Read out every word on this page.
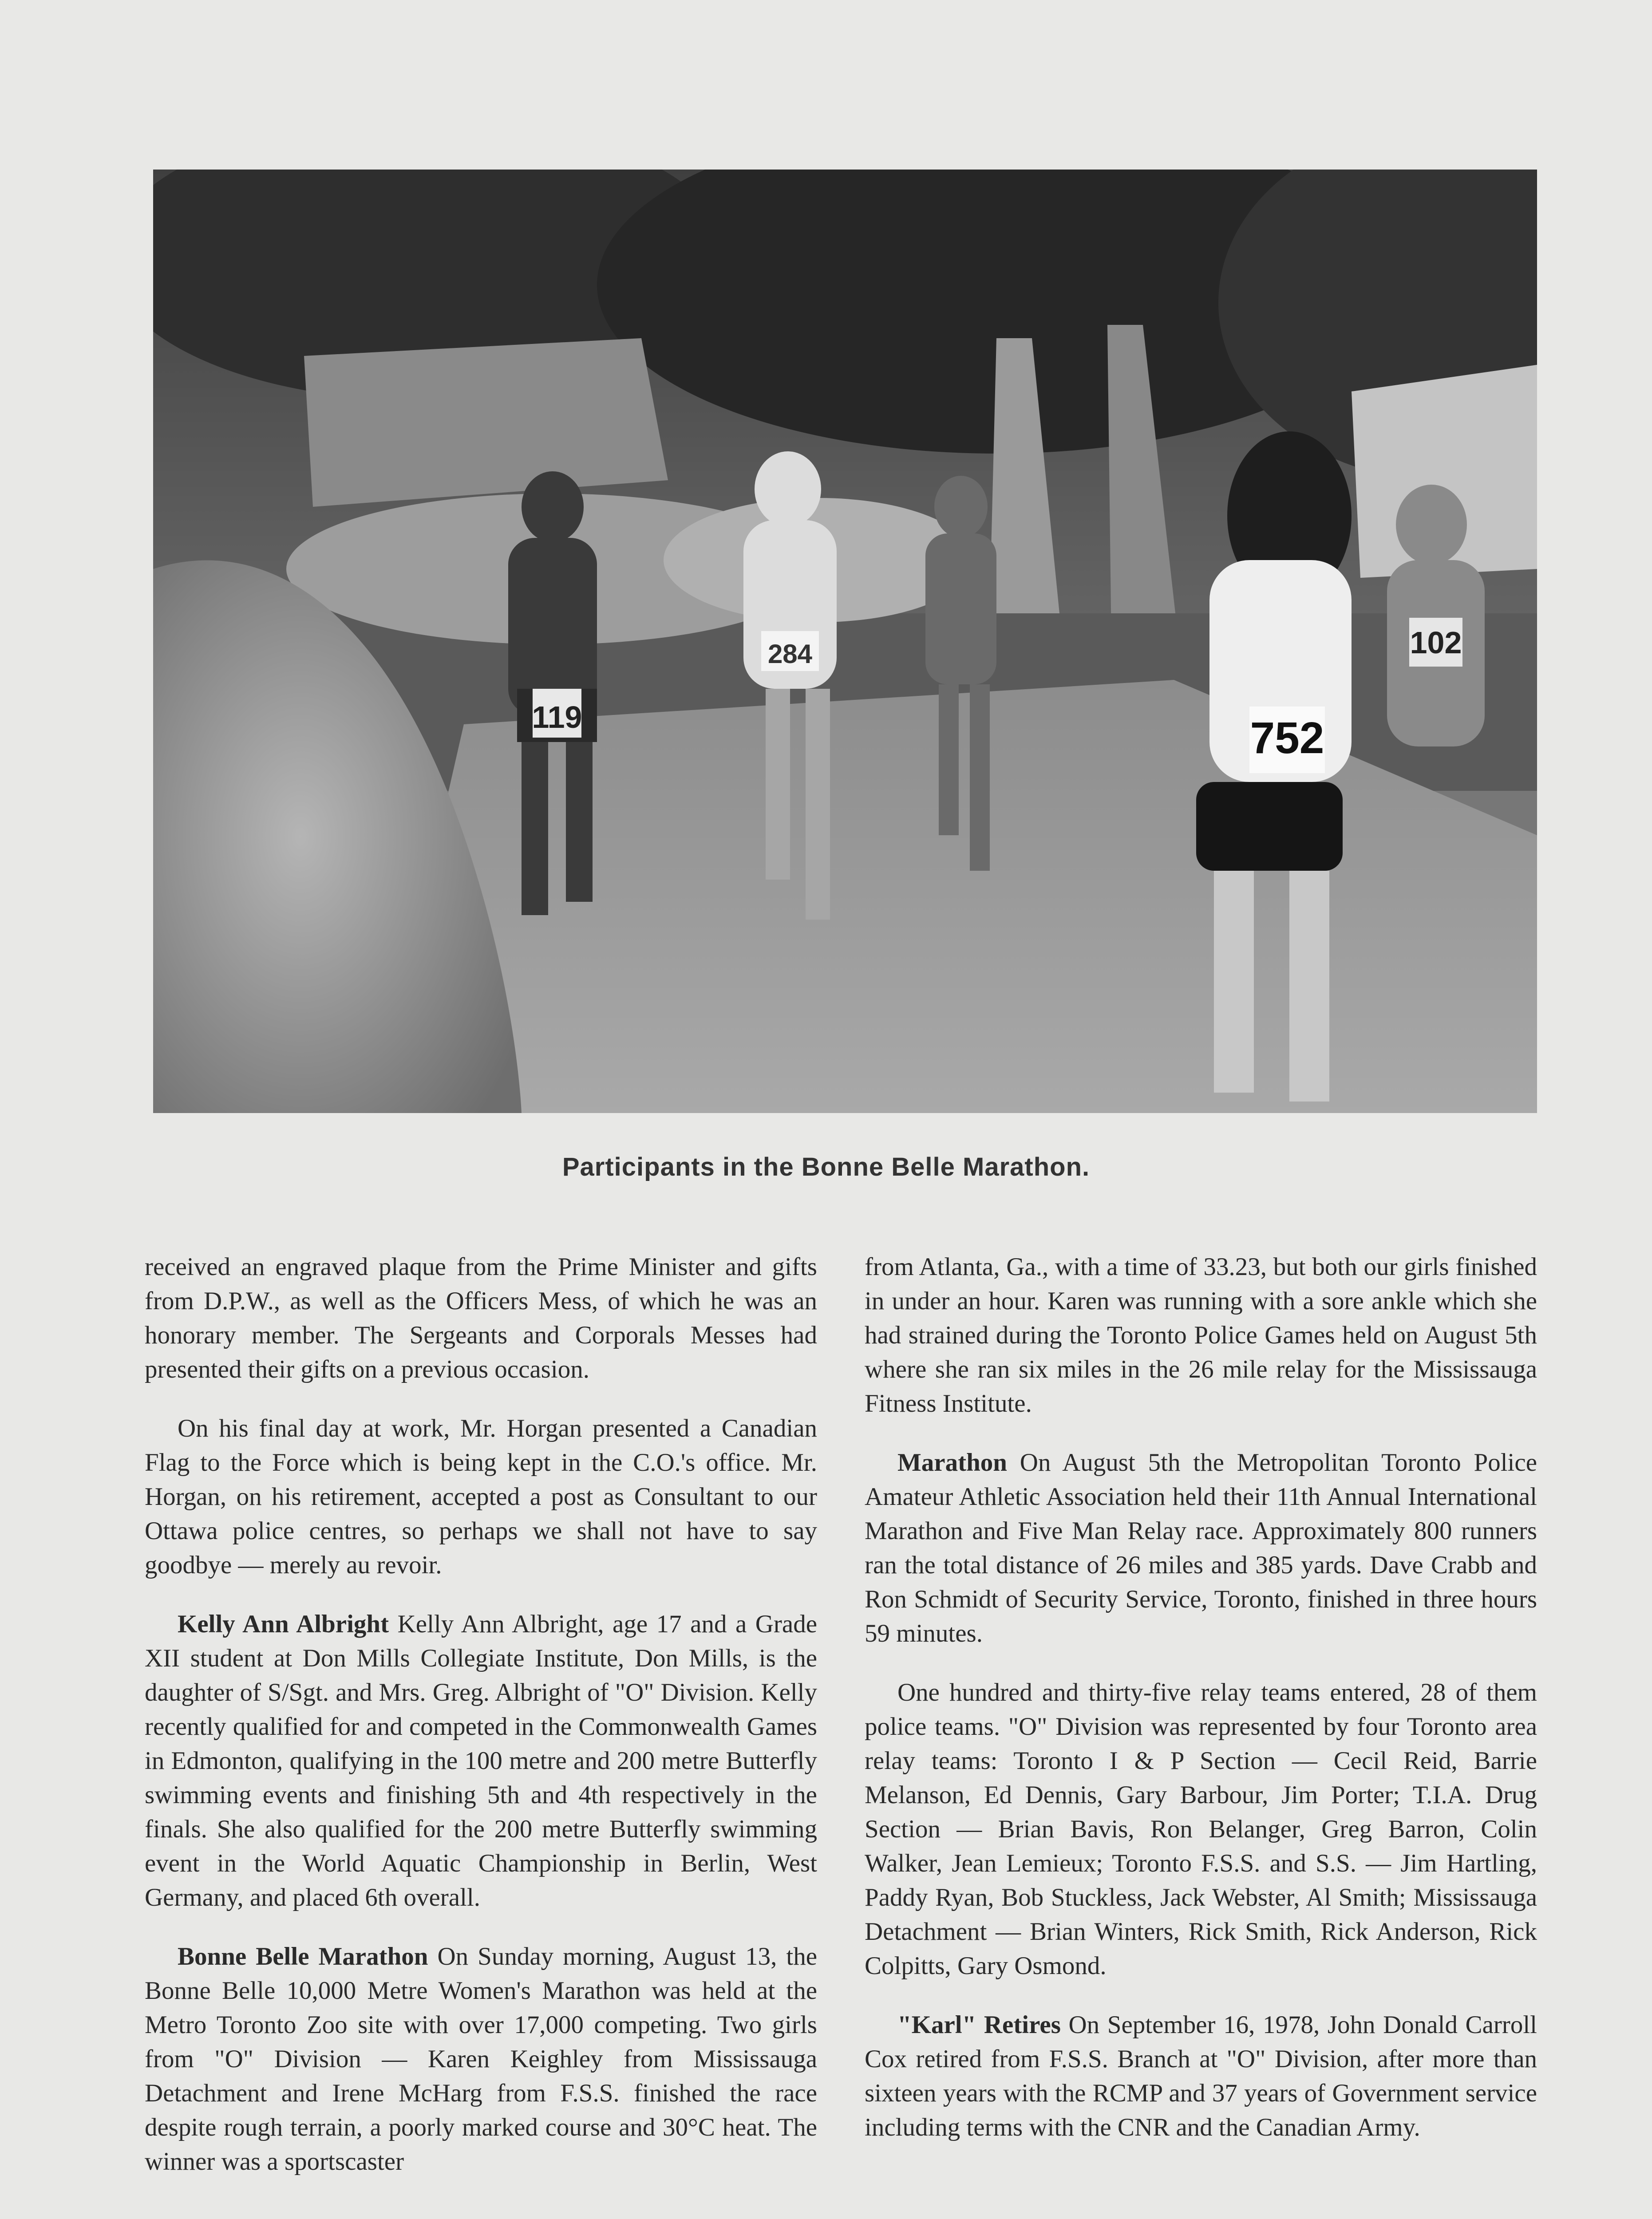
119
284
752
102
Participants in the Bonne Belle Marathon.

received an engraved plaque from the Prime Minister and gifts from D.P.W., as well as the Officers Mess, of which he was an honorary member. The Sergeants and Corporals Messes had presented their gifts on a previous occasion.

On his final day at work, Mr. Horgan presented a Canadian Flag to the Force which is being kept in the C.O.'s office. Mr. Horgan, on his retirement, accepted a post as Consultant to our Ottawa police centres, so perhaps we shall not have to say goodbye — merely au revoir.

Kelly Ann Albright Kelly Ann Albright, age 17 and a Grade XII student at Don Mills Collegiate Institute, Don Mills, is the daughter of S/Sgt. and Mrs. Greg. Albright of "O" Division. Kelly recently qualified for and competed in the Commonwealth Games in Edmonton, qualifying in the 100 metre and 200 metre Butterfly swimming events and finishing 5th and 4th respectively in the finals. She also qualified for the 200 metre Butterfly swimming event in the World Aquatic Championship in Berlin, West Germany, and placed 6th overall.

Bonne Belle Marathon On Sunday morning, August 13, the Bonne Belle 10,000 Metre Women's Marathon was held at the Metro Toronto Zoo site with over 17,000 competing. Two girls from "O" Division — Karen Keighley from Mississauga Detachment and Irene McHarg from F.S.S. finished the race despite rough terrain, a poorly marked course and 30°C heat. The winner was a sportscaster

from Atlanta, Ga., with a time of 33.23, but both our girls finished in under an hour. Karen was running with a sore ankle which she had strained during the Toronto Police Games held on August 5th where she ran six miles in the 26 mile relay for the Mississauga Fitness Institute.

Marathon On August 5th the Metropolitan Toronto Police Amateur Athletic Association held their 11th Annual International Marathon and Five Man Relay race. Approximately 800 runners ran the total distance of 26 miles and 385 yards. Dave Crabb and Ron Schmidt of Security Service, Toronto, finished in three hours 59 minutes.

One hundred and thirty-five relay teams entered, 28 of them police teams. "O" Division was represented by four Toronto area relay teams: Toronto I & P Section — Cecil Reid, Barrie Melanson, Ed Dennis, Gary Barbour, Jim Porter; T.I.A. Drug Section — Brian Bavis, Ron Belanger, Greg Barron, Colin Walker, Jean Lemieux; Toronto F.S.S. and S.S. — Jim Hartling, Paddy Ryan, Bob Stuckless, Jack Webster, Al Smith; Mississauga Detachment — Brian Winters, Rick Smith, Rick Anderson, Rick Colpitts, Gary Osmond.

"Karl" Retires On September 16, 1978, John Donald Carroll Cox retired from F.S.S. Branch at "O" Division, after more than sixteen years with the RCMP and 37 years of Government service including terms with the CNR and the Canadian Army.
